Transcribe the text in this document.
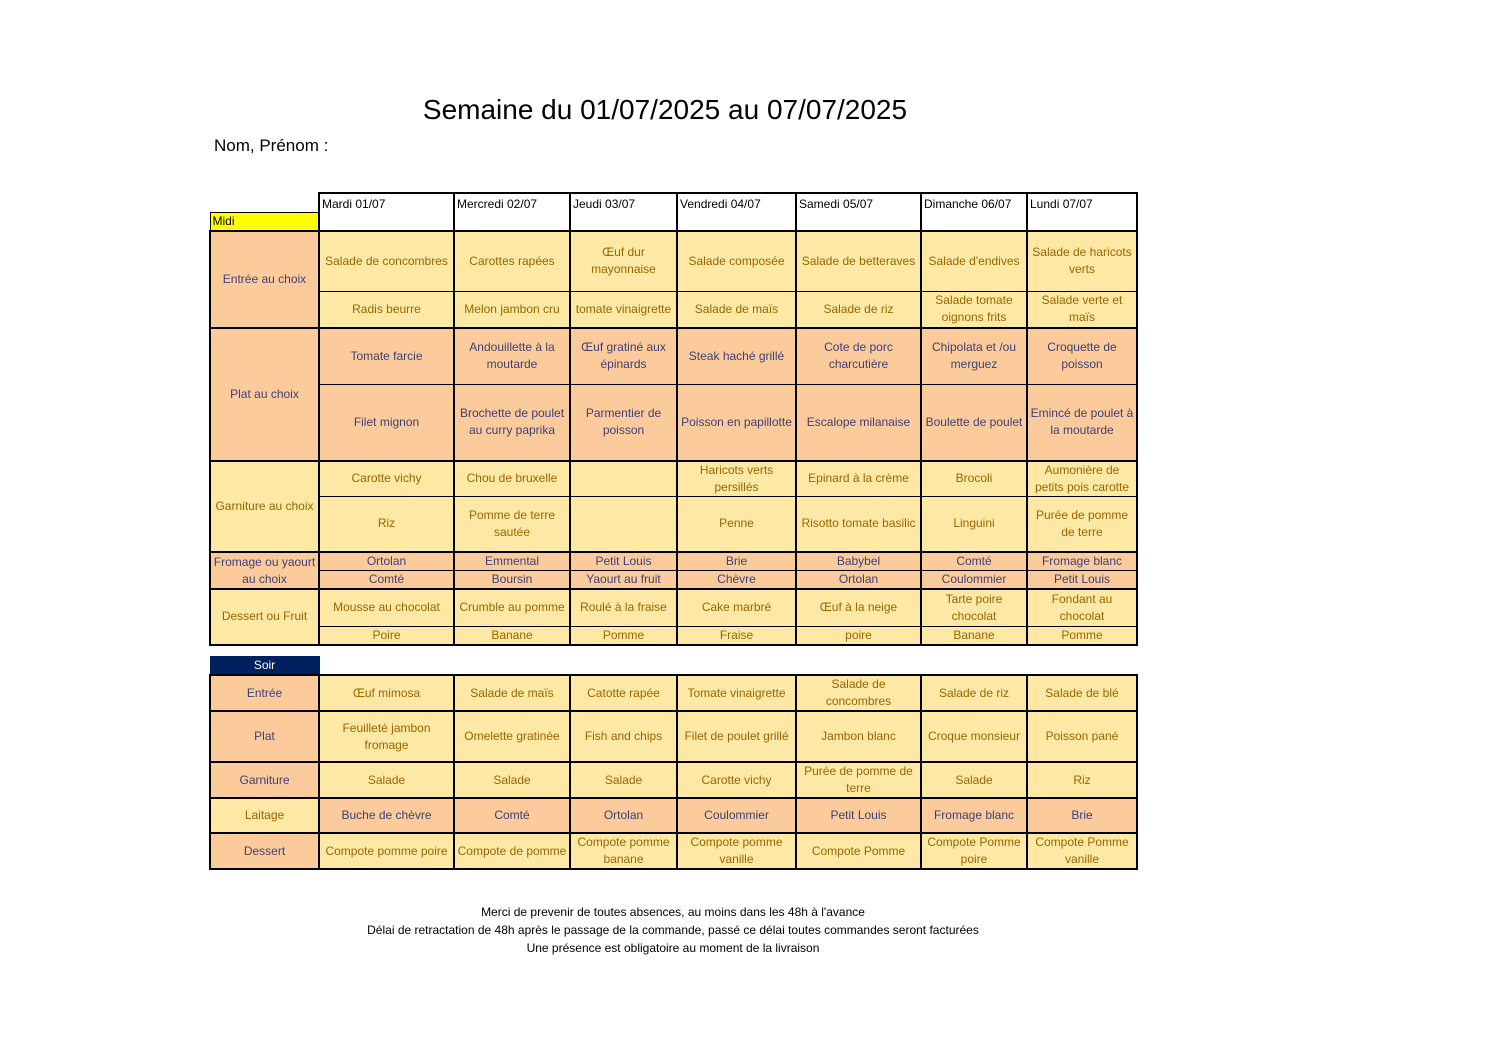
Semaine du 01/07/2025 au 07/07/2025
Nom, Prénom :
	Mardi 01/07	Mercredi 02/07	Jeudi 03/07	Vendredi 04/07	Samedi 05/07	Dimanche 06/07	Lundi 07/07
Midi							
Entrée au choix	Salade de concombres	Carottes rapées	Œuf dur mayonnaise	Salade composée	Salade de betteraves	Salade d'endives	Salade de haricots verts
	Radis beurre	Melon jambon cru	tomate vinaigrette	Salade de maïs	Salade de riz	Salade tomate oignons frits	Salade verte et maïs
Plat au choix	Tomate farcie	Andouillette à la moutarde	Œuf gratiné aux épinards	Steak haché grillé	Cote de porc charcutière	Chipolata et /ou merguez	Croquette de poisson
	Filet mignon	Brochette de poulet au curry paprika	Parmentier de poisson	Poisson en papillotte	Escalope milanaise	Boulette de poulet	Emincé de poulet à la moutarde
Garniture au choix	Carotte vichy	Chou de bruxelle		Haricots verts persillés	Epinard à la crème	Brocoli	Aumonière de petits pois carotte
	Riz	Pomme de terre sautée		Penne	Risotto tomate basilic	Linguini	Purée de pomme de terre
Fromage ou yaourt au choix	Ortolan	Emmental	Petit Louis	Brie	Babybel	Comté	Fromage blanc
	Comté	Boursin	Yaourt au fruit	Chèvre	Ortolan	Coulommier	Petit Louis
Dessert ou Fruit	Mousse au chocolat	Crumble au pomme	Roulé à la fraise	Cake marbré	Œuf à la neige	Tarte poire chocolat	Fondant au chocolat
	Poire	Banane	Pomme	Fraise	poire	Banane	Pomme
Soir							
Entrée	Œuf mimosa	Salade de maïs	Catotte rapée	Tomate vinaigrette	Salade de concombres	Salade de riz	Salade de blé
Plat	Feuilleté jambon fromage	Omelette gratinée	Fish and chips	Filet de poulet grillé	Jambon blanc	Croque monsieur	Poisson pané
Garniture	Salade	Salade	Salade	Carotte vichy	Purée de pomme de terre	Salade	Riz
Laitage	Buche de chèvre	Comté	Ortolan	Coulommier	Petit Louis	Fromage blanc	Brie
Dessert	Compote pomme poire	Compote de pomme	Compote pomme banane	Compote pomme vanille	Compote Pomme	Compote Pomme poire	Compote Pomme vanille
Merci de prevenir de toutes absences, au moins dans les 48h à l'avance
Délai de retractation de 48h après le passage de la commande, passé ce délai toutes commandes seront facturées
Une présence est obligatoire au moment de la livraison
